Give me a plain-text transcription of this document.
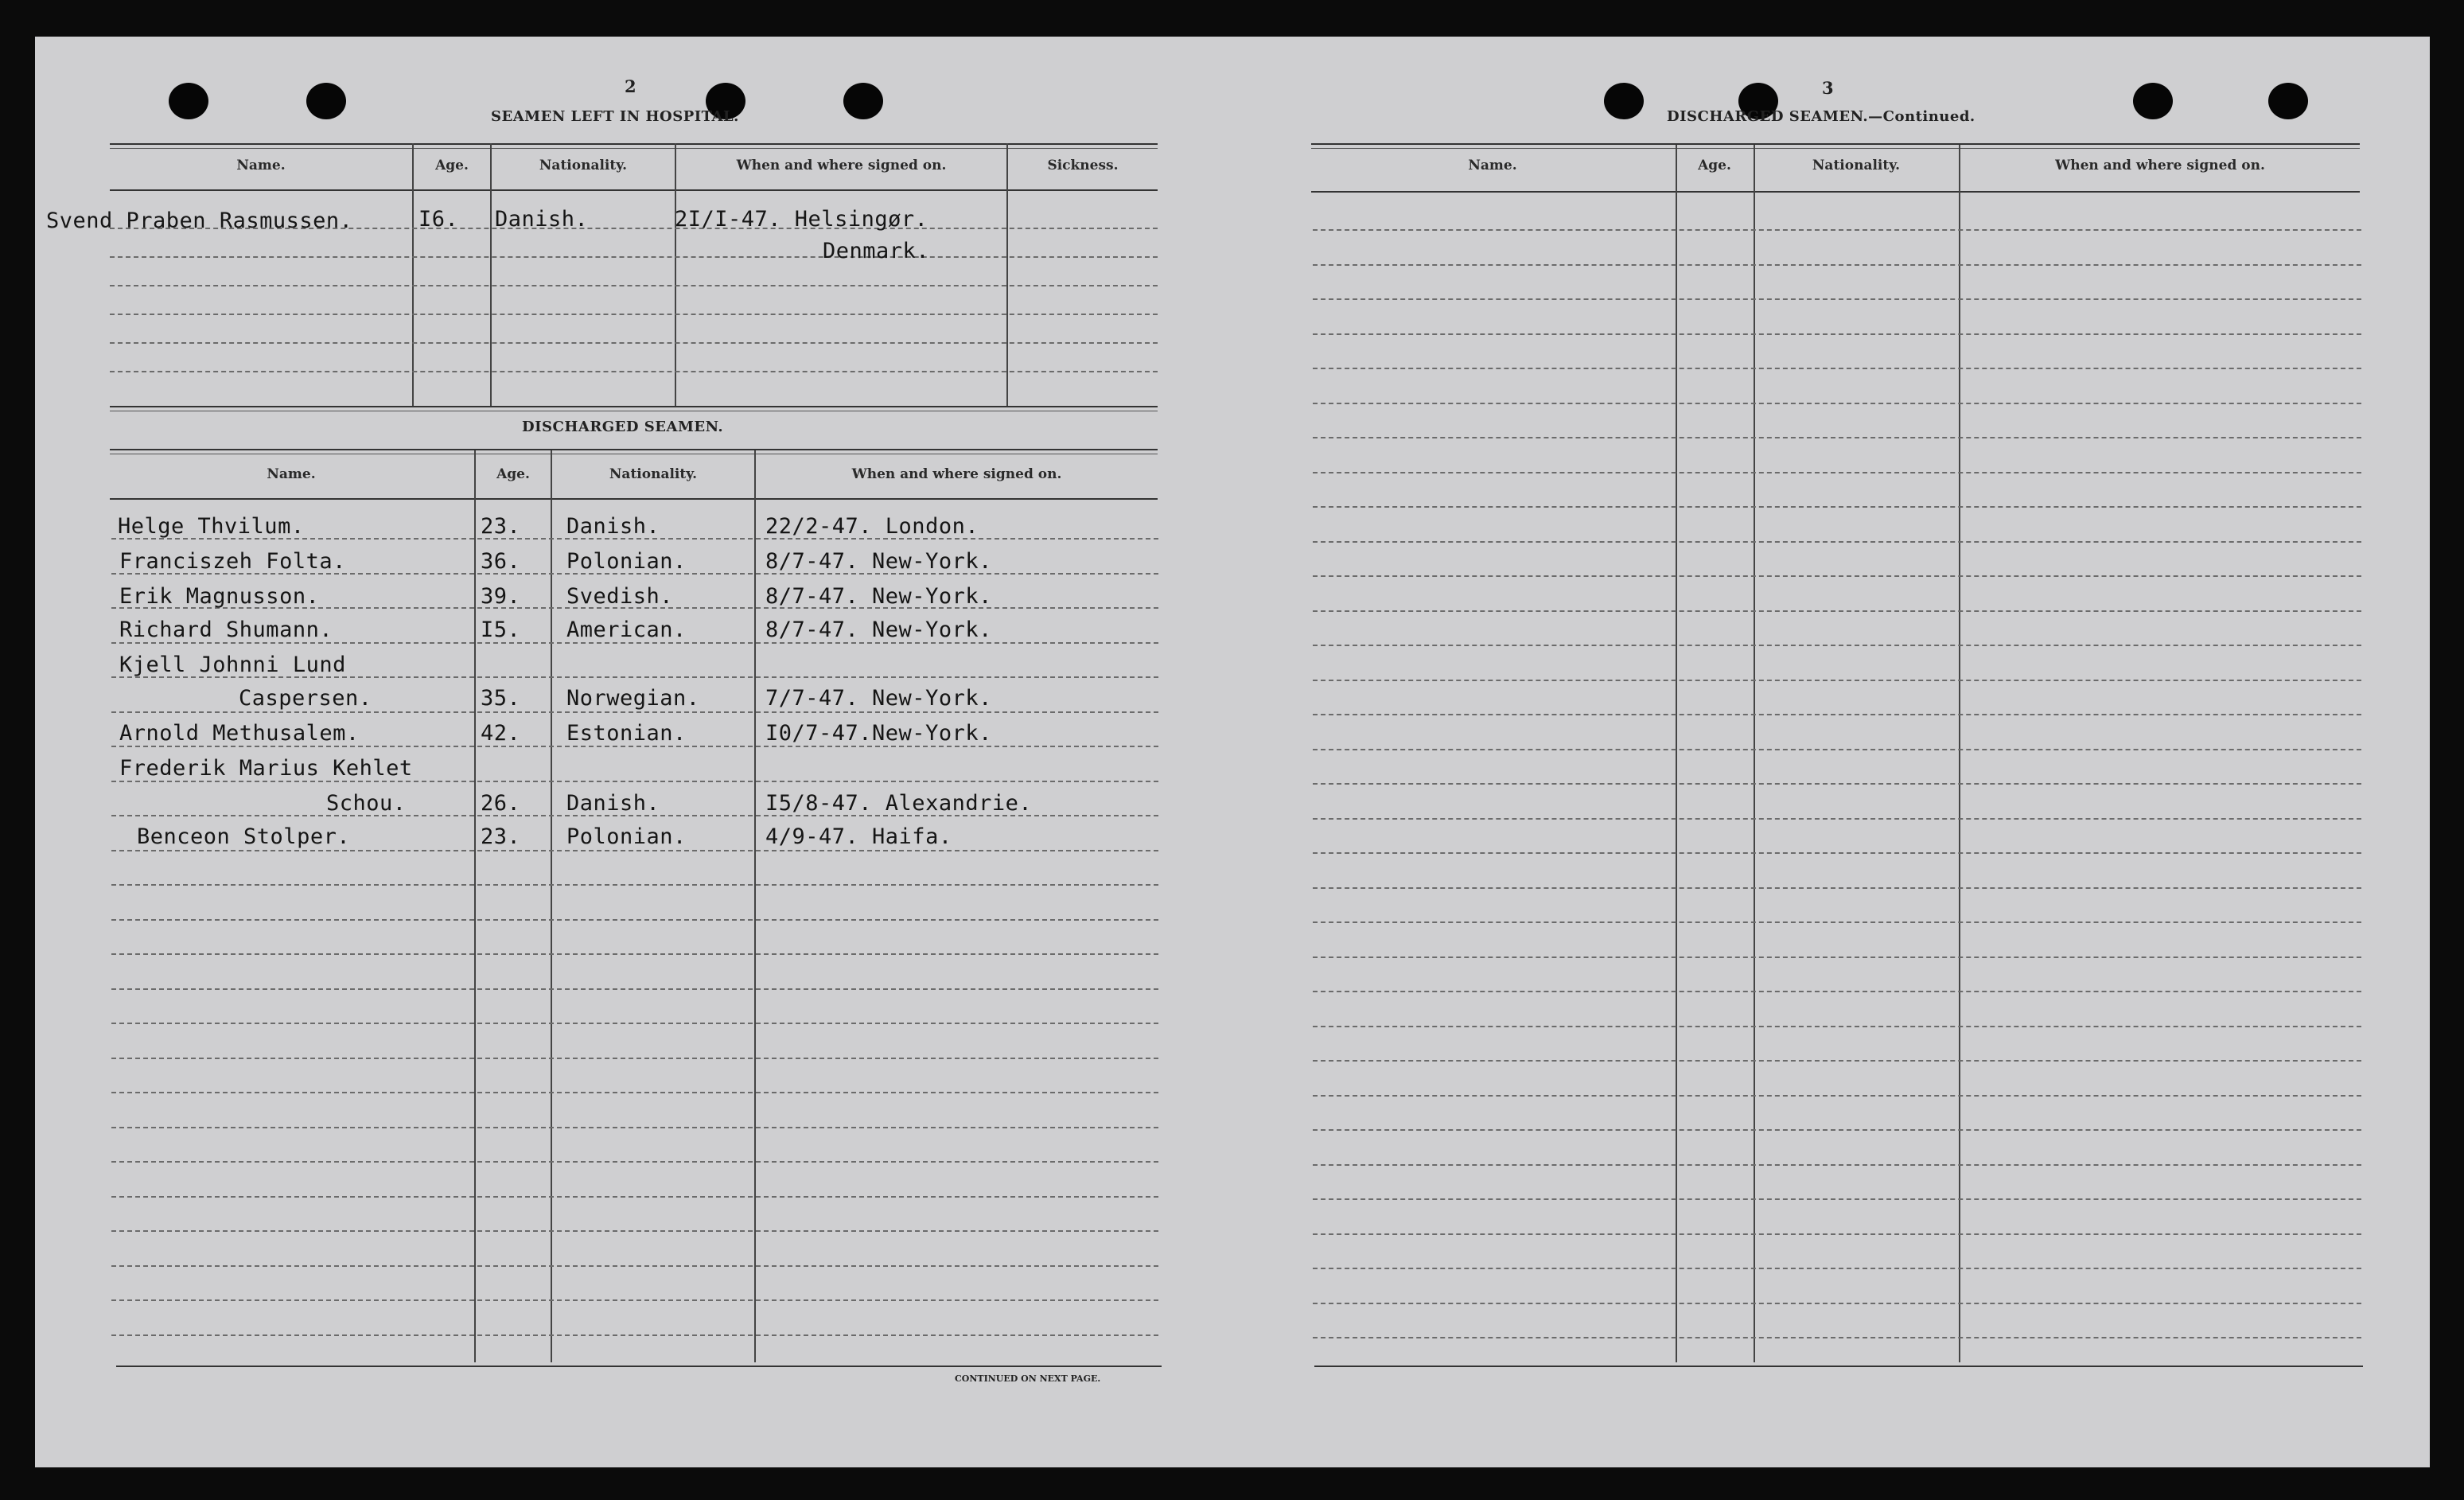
2
SEAMEN LEFT IN HOSPITAL.
Name.	Age.	Nationality.	When and where signed on.	Sickness.
Svend Praben Rasmussen.	I6. Danish.	2I/I-47. Helsingør.
Denmark.
DISCHARGED SEAMEN.
Name.	Age.	Nationality.	When and where signed on.
Helge Thvilum.	23. Danish.	22/2-47. London.
Franciszeh Folta.	36. Polonian.	8/7-47. New-York.
Erik Magnusson.	39. Svedish.	8/7-47. New-York.
Richard Shumann.	I5. American.	8/7-47. New-York.
Kjell Johnni Lund
Caspersen.	35. Norwegian.	7/7-47. New-York.
Arnold Methusalem.	42. Estonian.	I0/7-47.New-York.
Frederik Marius Kehlet
Schou.	26. Danish.	I5/8-47. Alexandrie.
Benceon Stolper.	23. Polonian.	4/9-47. Haifa.
CONTINUED ON NEXT PAGE.
3
DISCHARGED SEAMEN.—Continued.
Name.	Age.	Nationality.	When and where signed on.
